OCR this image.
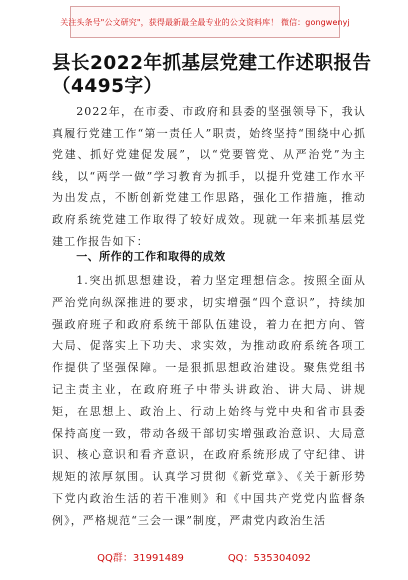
关注头条号"公文研究"，获得最新最全最专业的公文资料库！ 微信：gongwenyj
县长2022年抓基层党建工作述职报告
（4495字）

2022年，在市委、市政府和县委的坚强领导下，我认真履行党建工作“第一责任人”职责，始终坚持“围绕中心抓党建、抓好党建促发展”，以“党要管党、从严治党”为主线，以“两学一做”学习教育为抓手，以提升党建工作水平为出发点，不断创新党建工作思路，强化工作措施，推动政府系统党建工作取得了较好成效。现就一年来抓基层党建工作报告如下：

一、所作的工作和取得的成效

1.突出抓思想建设，着力坚定理想信念。按照全面从严治党向纵深推进的要求，切实增强“四个意识”，持续加强政府班子和政府系统干部队伍建设，着力在把方向、管大局、促落实上下功夫、求实效，为推动政府系统各项工作提供了坚强保障。一是狠抓思想政治建设。聚焦党组书记主责主业，在政府班子中带头讲政治、讲大局、讲规矩，在思想上、政治上、行动上始终与党中央和省市县委保持高度一致，带动各级干部切实增强政治意识、大局意识、核心意识和看齐意识，在政府系统形成了守纪律、讲规矩的浓厚氛围。认真学习贯彻《新党章》、《关于新形势下党内政治生活的若干准则》和《中国共产党党内监督条例》，严格规范“三会一课”制度，严肃党内政治生活

QQ群：31991489	QQ：535304092
